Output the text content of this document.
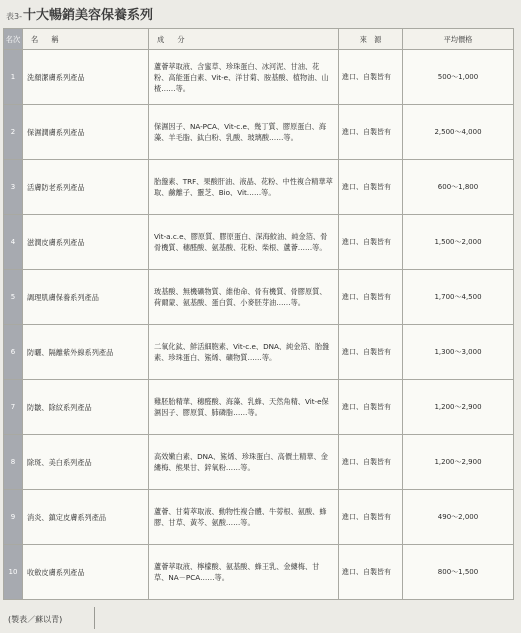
表3-十大暢銷美容保養系列
名次	名　稱	成　分	來　源	平均價格
1	洗顏潔膚系列產品	蘆薈萃取液、含蜜草、珍珠蛋白、冰河泥、甘油、花粉、高能蛋白素、Vit-e、洋甘菊、胺基酸、植物油、山楂……等。	進口、自製皆有	500～1,000
2	保濕潤膚系列產品	保濕因子、NA-PCA、Vit-c.e、幾丁質、膠原蛋白、海藻、羊毛脂、鈦白粉、乳酸、玻璃酸……等。	進口、自製皆有	2,500～4,000
3	活膚防老系列產品	胎盤素、TRF、果酸肝油、液晶、花粉、中性複合精華萃取、鹼離子、靈芝、Bio、Vit……等。	進口、自製皆有	600～1,800
4	滋潤皮膚系列產品	Vit-a.c.e、膠原質、膠原蛋白、深海鮫油、純金箔、骨骨機質、穗醛酸、氨基酸、花粉、柴根、蘆薈……等。	進口、自製皆有	1,500～2,000
5	調理肌膚保養系列產品	玻基酸、無機礦物質、維他命、骨有機質、骨膠原質、荷爾蒙、氨基酸、蛋白質、小麥胚芽油……等。	進口、自製皆有	1,700～4,500
6	防曬、隔離紫外線系列產品	二氧化鈦、鮮活細胞素、Vit-c.e、DNA、純金箔、胎盤素、珍珠蛋白、鯊烯、礦物質……等。	進口、自製皆有	1,300～3,000
7	防皺、除紋系列產品	雞胚胎精華、穗醛酸、海藻、乳蜂、天然角精、Vit-e保濕因子、膠原質、肺磷脂……等。	進口、自製皆有	1,200～2,900
8	除斑、美白系列產品	高效嫩白素、DNA、鯊烯、珍珠蛋白、高價土精華、金縷梅、熊果甘、鋅氧粉……等。	進口、自製皆有	1,200～2,900
9	消炎、鎮定皮膚系列產品	蘆薈、甘菊萃取液、動物性複合體、牛蒡根、氨酸、蜂膠、甘草、黃芩、氨酸……等。	進口、自製皆有	490～2,000
10	收斂皮膚系列產品	蘆薈萃取液、檸檬酸、氨基酸、蜂王乳、金縷梅、甘草、NA－PCA……等。	進口、自製皆有	800～1,500
(製表／蘇以青)
